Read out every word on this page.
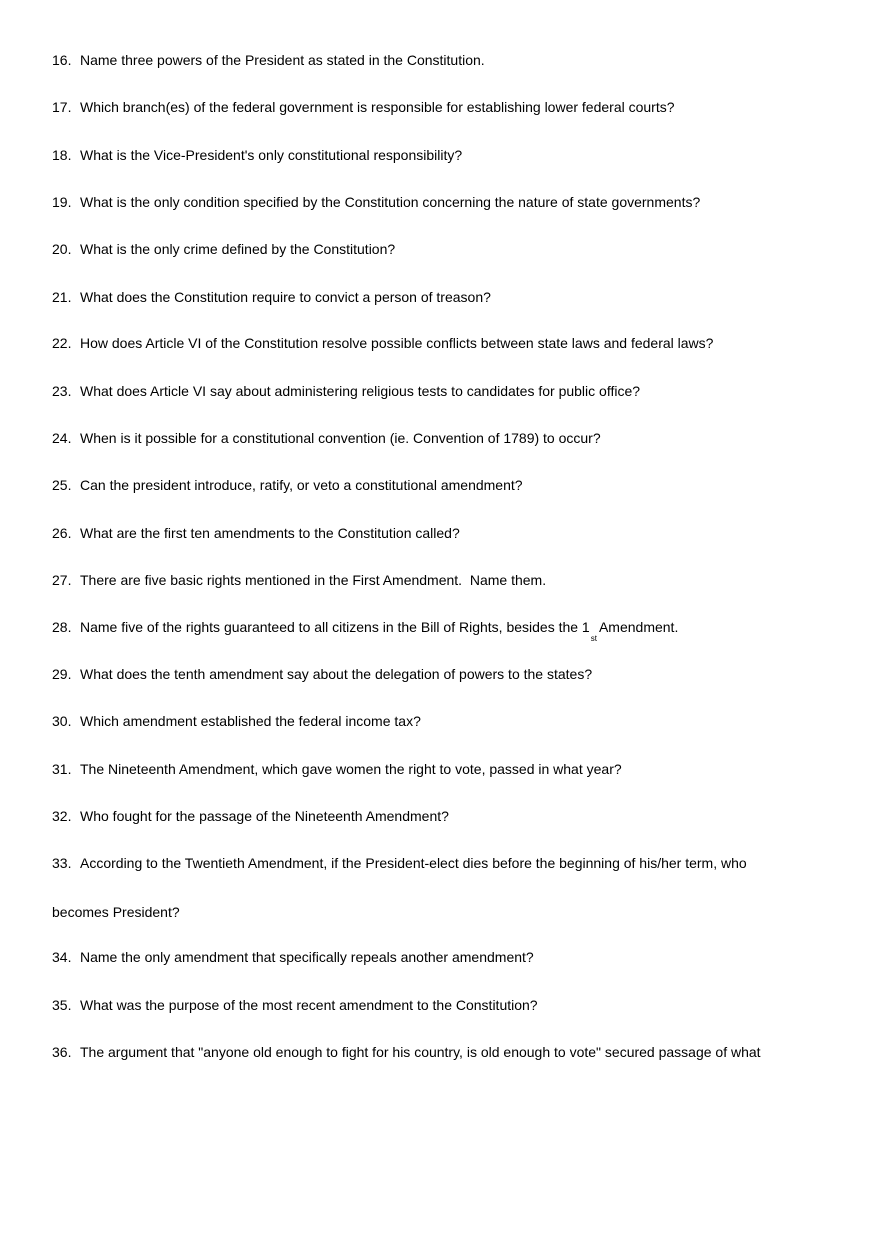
16. Name three powers of the President as stated in the Constitution.
17. Which branch(es) of the federal government is responsible for establishing lower federal courts?
18. What is the Vice-President's only constitutional responsibility?
19. What is the only condition specified by the Constitution concerning the nature of state governments?
20. What is the only crime defined by the Constitution?
21. What does the Constitution require to convict a person of treason?
22. How does Article VI of the Constitution resolve possible conflicts between state laws and federal laws?
23. What does Article VI say about administering religious tests to candidates for public office?
24. When is it possible for a constitutional convention (ie. Convention of 1789) to occur?
25. Can the president introduce, ratify, or veto a constitutional amendment?
26. What are the first ten amendments to the Constitution called?
27. There are five basic rights mentioned in the First Amendment.  Name them.
28. Name five of the rights guaranteed to all citizens in the Bill of Rights, besides the $1_{st}Amendment$.
29. What does the tenth amendment say about the delegation of powers to the states?
30. Which amendment established the federal income tax?
31. The Nineteenth Amendment, which gave women the right to vote, passed in what year?
32. Who fought for the passage of the Nineteenth Amendment?
33. According to the Twentieth Amendment, if the President-elect dies before the beginning of his/her term, who
becomes President?
34. Name the only amendment that specifically repeals another amendment?
35. What was the purpose of the most recent amendment to the Constitution?
36. The argument that "anyone old enough to fight for his country, is old enough to vote" secured passage of what
